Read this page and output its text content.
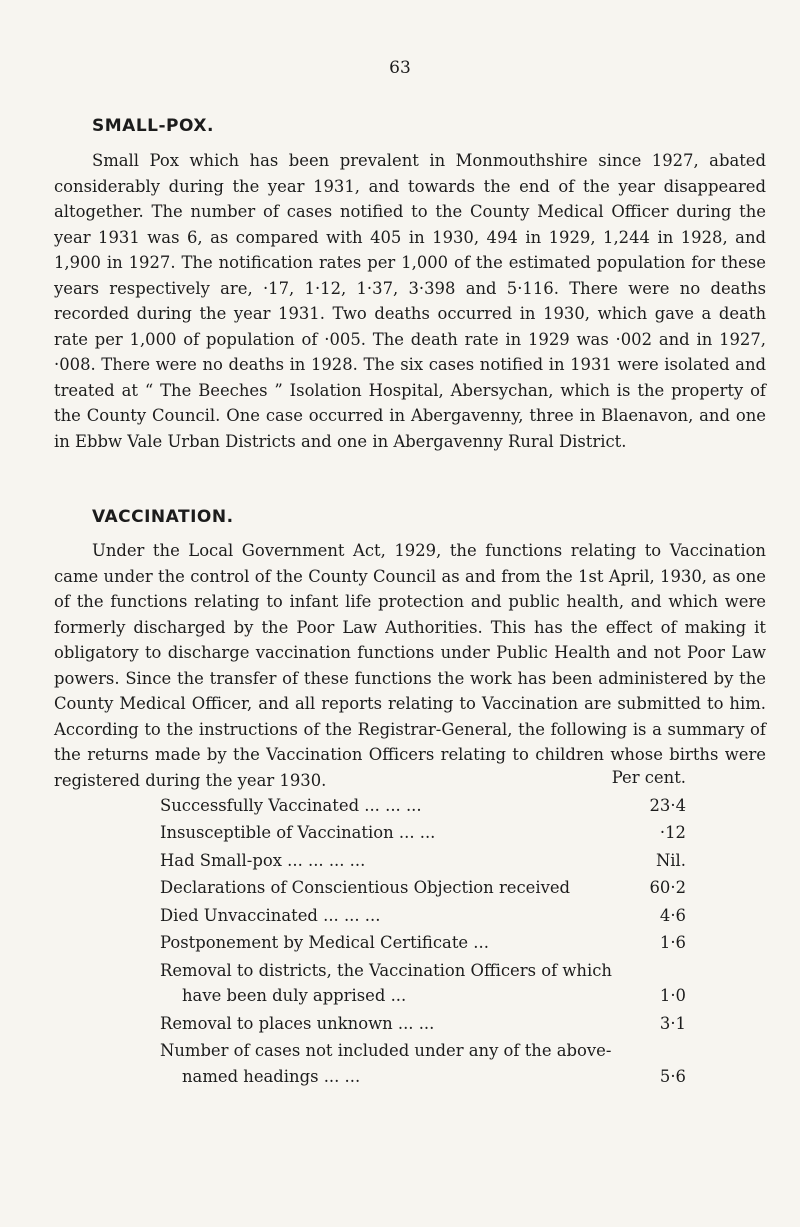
63
SMALL-POX.

Small Pox which has been prevalent in Monmouthshire since 1927, abated considerably during the year 1931, and towards the end of the year disappeared altogether. The number of cases notified to the County Medical Officer during the year 1931 was 6, as compared with 405 in 1930, 494 in 1929, 1,244 in 1928, and 1,900 in 1927. The notification rates per 1,000 of the estimated population for these years respectively are, ·17, 1·12, 1·37, 3·398 and 5·116. There were no deaths recorded during the year 1931. Two deaths occurred in 1930, which gave a death rate per 1,000 of population of ·005. The death rate in 1929 was ·002 and in 1927, ·008. There were no deaths in 1928. The six cases notified in 1931 were isolated and treated at “ The Beeches ” Isolation Hospital, Abersychan, which is the property of the County Council. One case occurred in Abergavenny, three in Blaenavon, and one in Ebbw Vale Urban Districts and one in Abergavenny Rural District.

VACCINATION.

Under the Local Government Act, 1929, the functions relating to Vaccination came under the control of the County Council as and from the 1st April, 1930, as one of the functions relating to infant life protection and public health, and which were formerly discharged by the Poor Law Authorities. This has the effect of making it obligatory to discharge vaccination functions under Public Health and not Poor Law powers. Since the transfer of these functions the work has been administered by the County Medical Officer, and all reports relating to Vaccination are submitted to him. According to the instructions of the Registrar-General, the following is a summary of the returns made by the Vaccination Officers relating to children whose births were registered during the year 1930.	Per cent.
Successfully Vaccinated ... ... ...	23·4
Insusceptible of Vaccination ... ...	·12
Had Small-pox ... ... ... ...	Nil.
Declarations of Conscientious Objection received	60·2
Died Unvaccinated ... ... ...	4·6
Postponement by Medical Certificate ...	1·6
Removal to districts, the Vaccination Officers of which have been duly apprised ...	1·0
Removal to places unknown ... ...	3·1
Number of cases not included under any of the above-named headings ... ...	5·6
